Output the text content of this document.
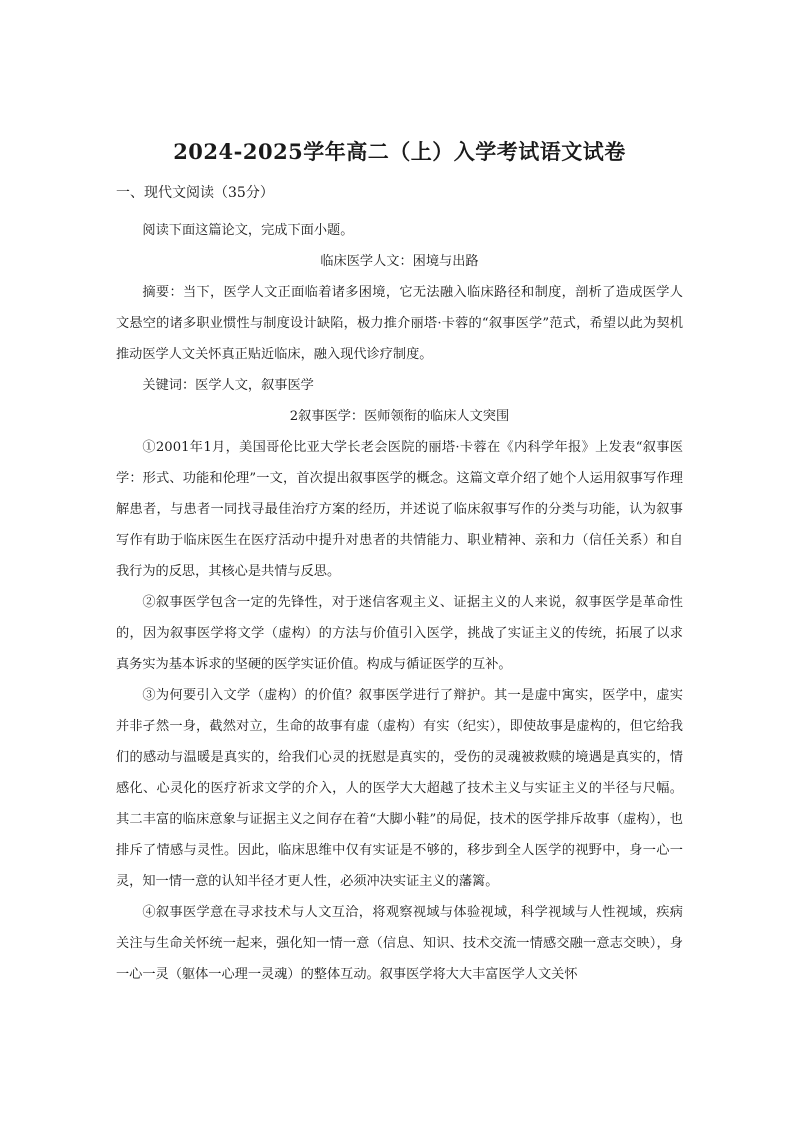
2024-2025学年高二（上）入学考试语文试卷
一、现代文阅读（35分）

阅读下面这篇论文，完成下面小题。

临床医学人文：困境与出路

摘要：当下，医学人文正面临着诸多困境，它无法融入临床路径和制度，剖析了造成医学人文悬空的诸多职业惯性与制度设计缺陷，极力推介丽塔·卡蓉的“叙事医学”范式，希望以此为契机推动医学人文关怀真正贴近临床，融入现代诊疗制度。

关键词：医学人文，叙事医学

2叙事医学：医师领衔的临床人文突围

①2001年1月，美国哥伦比亚大学长老会医院的丽塔·卡蓉在《内科学年报》上发表“叙事医学：形式、功能和伦理”一文，首次提出叙事医学的概念。这篇文章介绍了她个人运用叙事写作理解患者，与患者一同找寻最佳治疗方案的经历，并述说了临床叙事写作的分类与功能，认为叙事写作有助于临床医生在医疗活动中提升对患者的共情能力、职业精神、亲和力（信任关系）和自我行为的反思，其核心是共情与反思。

②叙事医学包含一定的先锋性，对于迷信客观主义、证据主义的人来说，叙事医学是革命性的，因为叙事医学将文学（虚构）的方法与价值引入医学，挑战了实证主义的传统，拓展了以求真务实为基本诉求的坚硬的医学实证价值。构成与循证医学的互补。

③为何要引入文学（虚构）的价值？叙事医学进行了辩护。其一是虚中寓实，医学中，虚实并非孑然一身，截然对立，生命的故事有虚（虚构）有实（纪实），即使故事是虚构的，但它给我们的感动与温暖是真实的，给我们心灵的抚慰是真实的，受伤的灵魂被救赎的境遇是真实的，情感化、心灵化的医疗祈求文学的介入，人的医学大大超越了技术主义与实证主义的半径与尺幅。其二丰富的临床意象与证据主义之间存在着“大脚小鞋”的局促，技术的医学排斥故事（虚构），也排斥了情感与灵性。因此，临床思维中仅有实证是不够的，移步到全人医学的视野中，身一心一灵，知一情一意的认知半径才更人性，必须冲决实证主义的藩篱。

④叙事医学意在寻求技术与人文互洽，将观察视域与体验视域，科学视域与人性视域，疾病关注与生命关怀统一起来，强化知一情一意（信息、知识、技术交流一情感交融一意志交映），身一心一灵（躯体一心理一灵魂）的整体互动。叙事医学将大大丰富医学人文关怀
